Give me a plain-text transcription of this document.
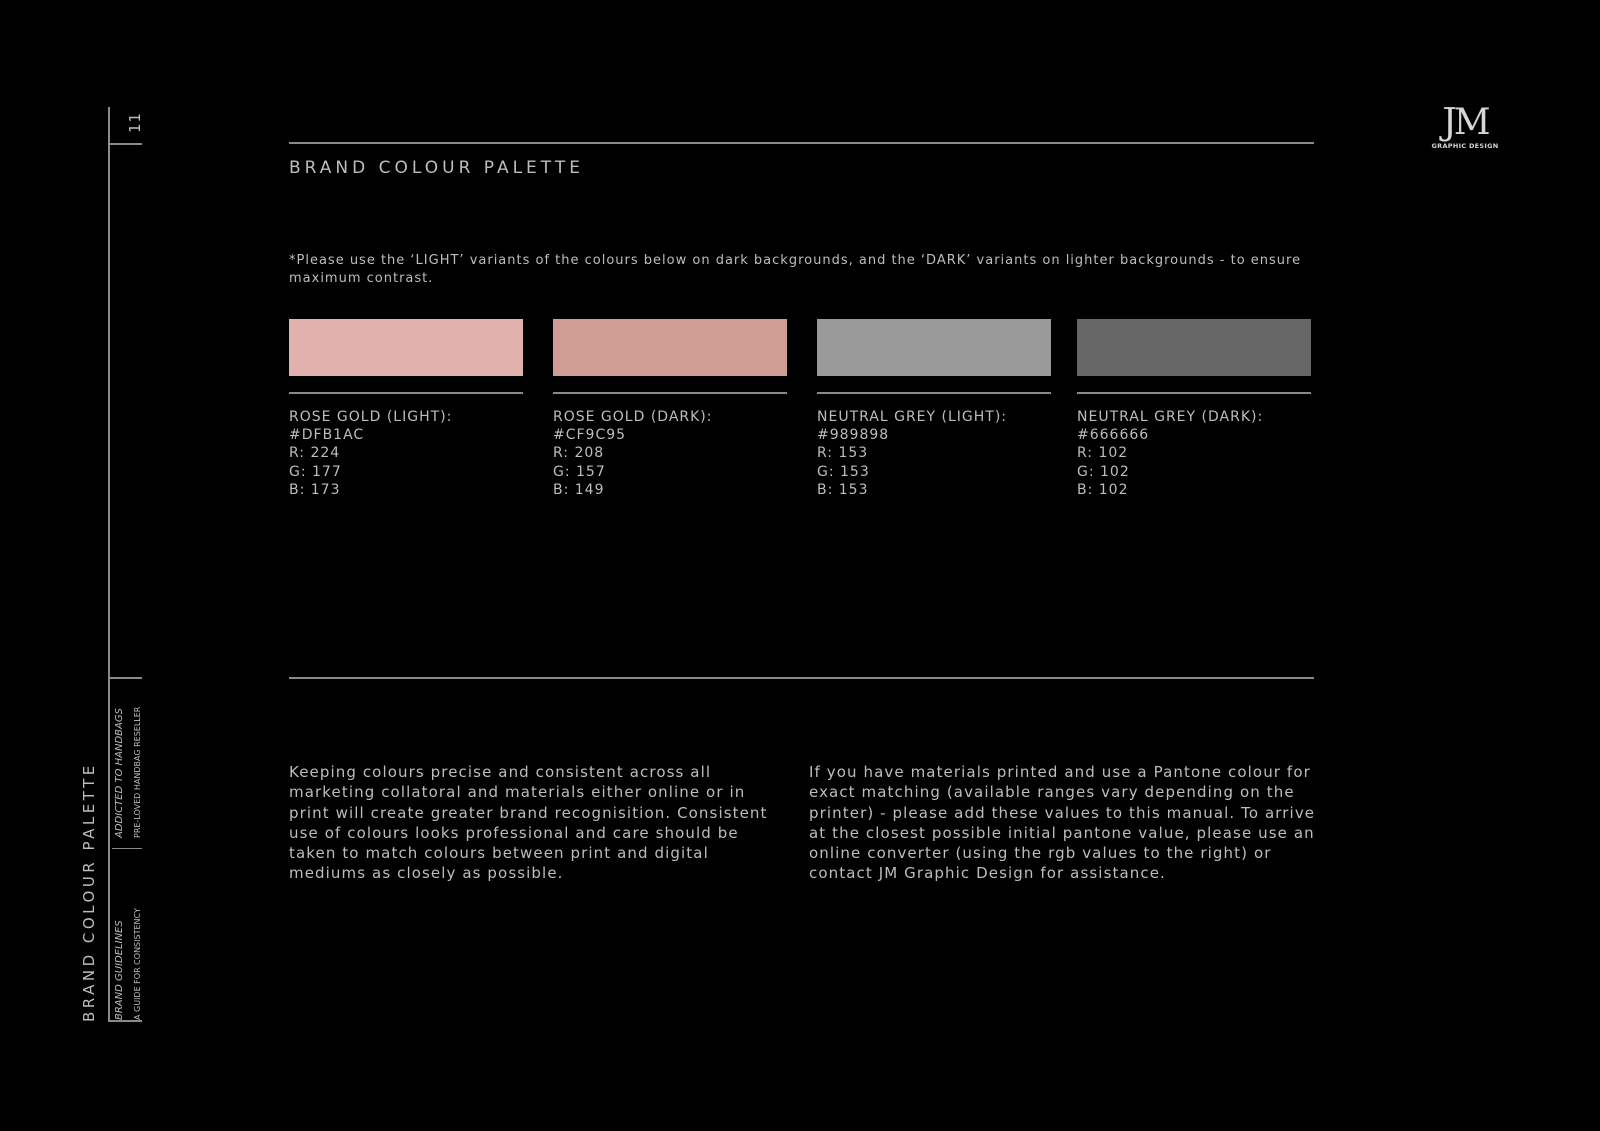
11
BRAND COLOUR PALETTE ADDICTED TO HANDBAGS PRE-LOVED HANDBAG RESELLER
BRAND GUIDELINES A GUIDE FOR CONSISTENCY
JM
GRAPHIC DESIGN
BRAND COLOUR PALETTE
*Please use the ‘LIGHT’ variants of the colours below on dark backgrounds, and the ‘DARK’ variants on lighter backgrounds - to ensure maximum contrast.
ROSE GOLD (LIGHT):
#DFB1AC
R: 224
G: 177
B: 173
ROSE GOLD (DARK):
#CF9C95
R: 208
G: 157
B: 149
NEUTRAL GREY (LIGHT):
#989898
R: 153
G: 153
B: 153
NEUTRAL GREY (DARK):
#666666
R: 102
G: 102
B: 102
Keeping colours precise and consistent across all marketing collatoral and materials either online or in print will create greater brand recognisition. Consistent use of colours looks professional and care should be taken to match colours between print and digital mediums as closely as possible.
If you have materials printed and use a Pantone colour for exact matching (available ranges vary depending on the printer) - please add these values to this manual. To arrive at the closest possible initial pantone value, please use an online converter (using the rgb values to the right) or contact JM Graphic Design for assistance.
